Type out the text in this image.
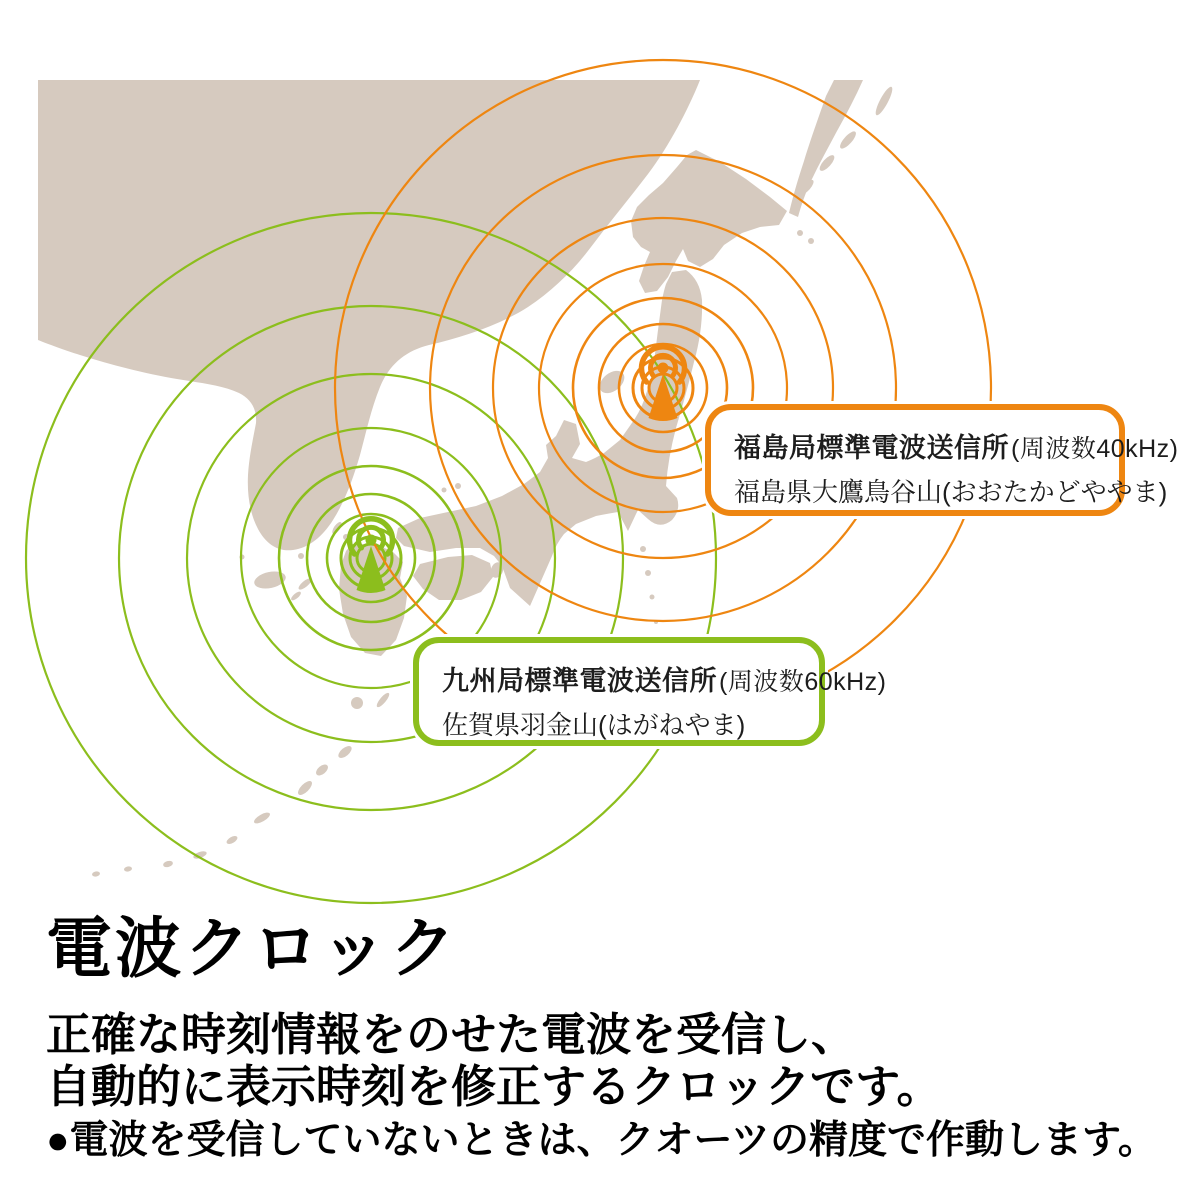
福島局標準電波送信所(周波数40kHz)
福島県大鷹鳥谷山(おおたかどややま)
九州局標準電波送信所(周波数60kHz)
佐賀県羽金山(はがねやま)
電波クロック

正確な時刻情報をのせた電波を受信し、

自動的に表示時刻を修正するクロックです。

●電波を受信していないときは、クオーツの精度で作動します。
